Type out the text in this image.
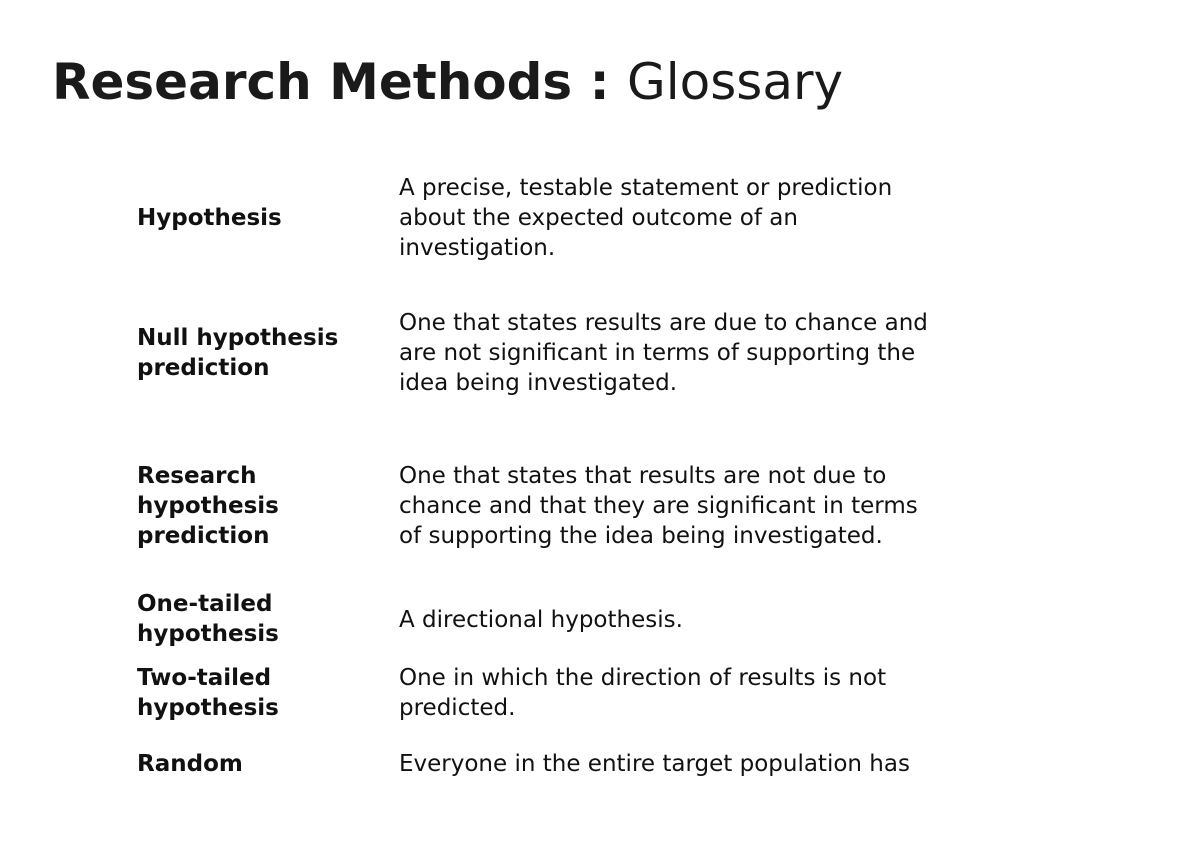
Research Methods : Glossary
Hypothesis
A precise, testable statement or prediction
about the expected outcome of an
investigation.
Null hypothesis prediction
One that states results are due to chance and
are not significant in terms of supporting the
idea being investigated.
Research hypothesis prediction
One that states that results are not due to
chance and that they are significant in terms
of supporting the idea being investigated.
One-tailed hypothesis
A directional hypothesis.
Two-tailed hypothesis
One in which the direction of results is not
predicted.
Random	Everyone in the entire target population has
